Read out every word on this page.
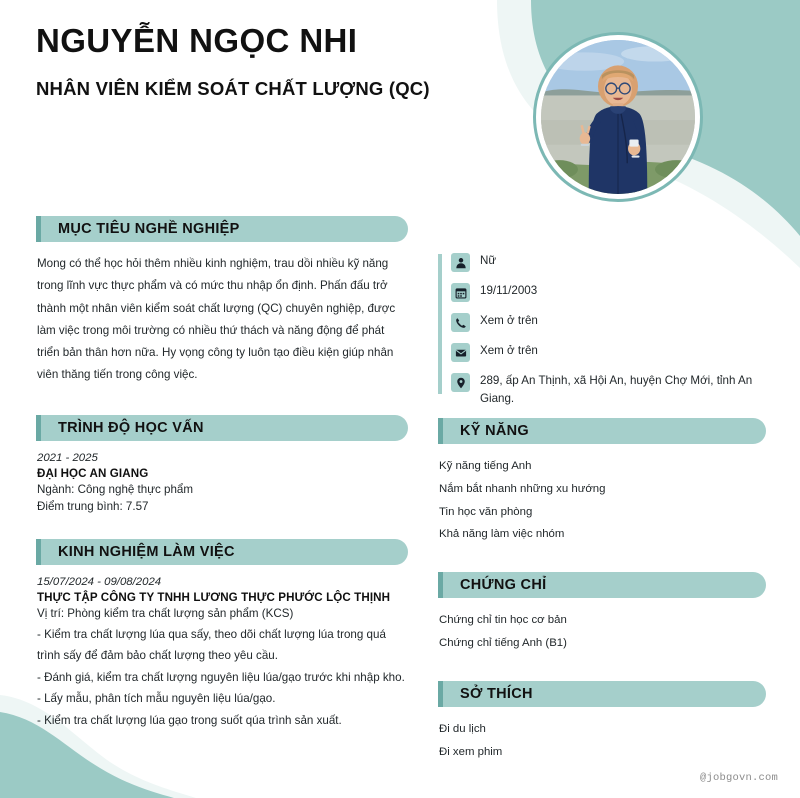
NGUYỄN NGỌC NHI
NHÂN VIÊN KIỂM SOÁT CHẤT LƯỢNG (QC)
MỤC TIÊU NGHỀ NGHIỆP

Mong có thể học hỏi thêm nhiều kinh nghiệm, trau dồi nhiều kỹ năng trong lĩnh vực thực phẩm và có mức thu nhập ổn định. Phấn đấu trở thành một nhân viên kiểm soát chất lượng (QC) chuyên nghiệp, được làm việc trong môi trường có nhiều thứ thách và năng động để phát triển bản thân hơn nữa. Hy vọng công ty luôn tạo điều kiện giúp nhân viên thăng tiến trong công việc.

TRÌNH ĐỘ HỌC VẤN

2021 - 2025

ĐẠI HỌC AN GIANG

Ngành: Công nghệ thực phẩm

Điểm trung bình: 7.57

KINH NGHIỆM LÀM VIỆC

15/07/2024 - 09/08/2024

THỰC TẬP CÔNG TY TNHH LƯƠNG THỰC PHƯỚC LỘC THỊNH

Vị trí: Phòng kiểm tra chất lượng sản phẩm (KCS)

- Kiểm tra chất lượng lúa qua sấy, theo dõi chất lượng lúa trong quá trình sấy để đảm bảo chất lượng theo yêu cầu.

- Đánh giá, kiểm tra chất lượng nguyên liệu lúa/gạo trước khi nhập kho.

- Lấy mẫu, phân tích mẫu nguyên liệu lúa/gạo.

- Kiểm tra chất lượng lúa gạo trong suốt qúa trình sản xuất.

Nữ
19/11/2003
Xem ở trên
Xem ở trên
289, ấp An Thịnh, xã Hội An, huyện Chợ Mới, tỉnh An Giang.
KỸ NĂNG

Kỹ năng tiếng Anh

Nắm bắt nhanh những xu hướng

Tin học văn phòng

Khả năng làm việc nhóm

CHỨNG CHỈ

Chứng chỉ tin học cơ bản

Chứng chỉ tiếng Anh (B1)

SỞ THÍCH

Đi du lịch

Đi xem phim

@jobgovn.com
